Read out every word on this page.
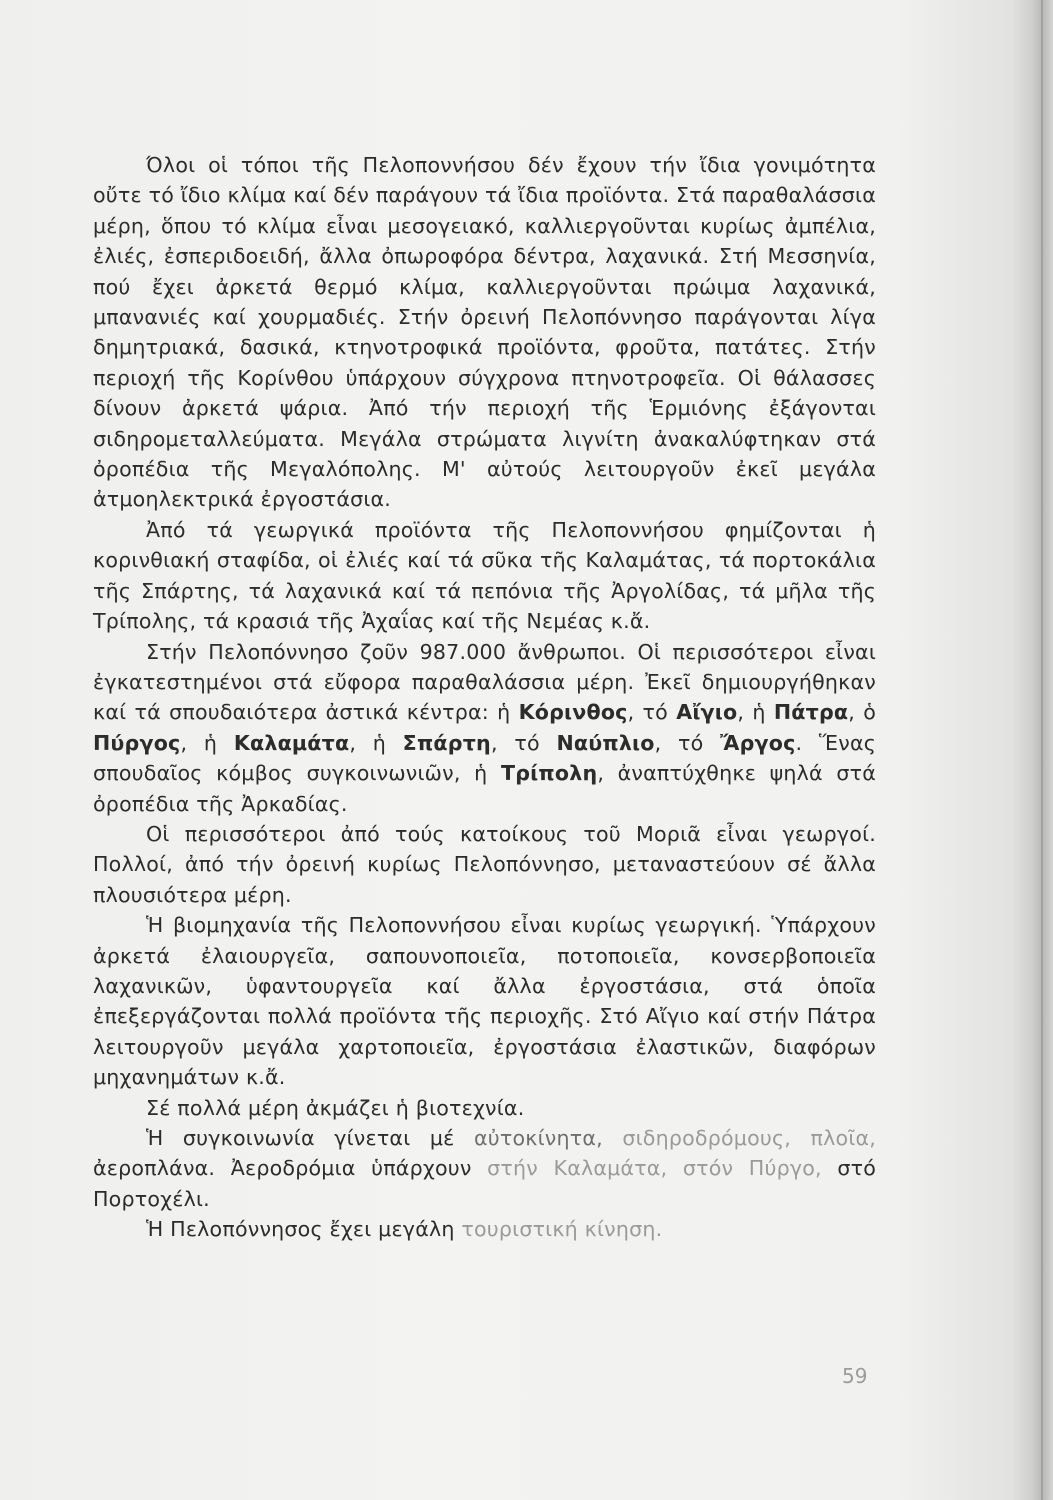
Όλοι οἱ τόποι τῆς Πελοποννήσου δέν ἔχουν τήν ἴδια γονιμότητα οὔτε τό ἴδιο κλίμα καί δέν παράγουν τά ἴδια προϊόντα. Στά παραθαλάσσια μέρη, ὅπου τό κλίμα εἶναι μεσογειακό, καλλιεργοῦνται κυρίως ἀμπέλια, ἐλιές, ἐσπεριδοειδή, ἄλλα ὀπωροφόρα δέντρα, λαχανικά. Στή Μεσσηνία, πού ἔχει ἀρκετά θερμό κλίμα, καλλιεργοῦνται πρώιμα λαχανικά, μπανανιές καί χουρμαδιές. Στήν ὀρεινή Πελοπόννησο παράγονται λίγα δημητριακά, δασικά, κτηνοτροφικά προϊόντα, φροῦτα, πατάτες. Στήν περιοχή τῆς Κορίνθου ὑπάρχουν σύγχρονα πτηνοτροφεῖα. Οἱ θάλασσες δίνουν ἀρκετά ψάρια. Ἀπό τήν περιοχή τῆς Ἑρμιόνης ἐξάγονται σιδηρομεταλλεύματα. Μεγάλα στρώματα λιγνίτη ἀνακαλύφτηκαν στά ὀροπέδια τῆς Μεγαλόπολης. Μ' αὐτούς λειτουργοῦν ἐκεῖ μεγάλα ἀτμοηλεκτρικά ἐργοστάσια.

Ἀπό τά γεωργικά προϊόντα τῆς Πελοποννήσου φημίζονται ἡ κορινθιακή σταφίδα, οἱ ἐλιές καί τά σῦκα τῆς Καλαμάτας, τά πορτοκάλια τῆς Σπάρτης, τά λαχανικά καί τά πεπόνια τῆς Ἀργολίδας, τά μῆλα τῆς Τρίπολης, τά κρασιά τῆς Ἀχαΐας καί τῆς Νεμέας κ.ἄ.

Στήν Πελοπόννησο ζοῦν 987.000 ἄνθρωποι. Οἱ περισσότεροι εἶναι ἐγκατεστημένοι στά εὔφορα παραθαλάσσια μέρη. Ἐκεῖ δημιουργήθηκαν καί τά σπουδαιότερα ἀστικά κέντρα: ἡ Κόρινθος, τό Αἴγιο, ἡ Πάτρα, ὁ Πύργος, ἡ Καλαμάτα, ἡ Σπάρτη, τό Ναύπλιο, τό Ἄργος. Ἕνας σπουδαῖος κόμβος συγκοινωνιῶν, ἡ Τρίπολη, ἀναπτύχθηκε ψηλά στά ὀροπέδια τῆς Ἀρκαδίας.

Οἱ περισσότεροι ἀπό τούς κατοίκους τοῦ Μοριᾶ εἶναι γεωργοί. Πολλοί, ἀπό τήν ὀρεινή κυρίως Πελοπόννησο, μεταναστεύουν σέ ἄλλα πλουσιότερα μέρη.

Ἡ βιομηχανία τῆς Πελοποννήσου εἶναι κυρίως γεωργική. Ὑπάρχουν ἀρκετά ἐλαιουργεῖα, σαπουνοποιεῖα, ποτοποιεῖα, κονσερβοποιεῖα λαχανικῶν, ὑφαντουργεῖα καί ἄλλα ἐργοστάσια, στά ὁποῖα ἐπεξεργάζονται πολλά προϊόντα τῆς περιοχῆς. Στό Αἴγιο καί στήν Πάτρα λειτουργοῦν μεγάλα χαρτοποιεῖα, ἐργοστάσια ἐλαστικῶν, διαφόρων μηχανημάτων κ.ἄ.

Σέ πολλά μέρη ἀκμάζει ἡ βιοτεχνία.

Ἡ συγκοινωνία γίνεται μέ αὐτοκίνητα, σιδηροδρόμους, πλοῖα, ἀεροπλάνα. Ἀεροδρόμια ὑπάρχουν στήν Καλαμάτα, στόν Πύργο, στό Πορτοχέλι.

Ἡ Πελοπόννησος ἔχει μεγάλη τουριστική κίνηση.

59
